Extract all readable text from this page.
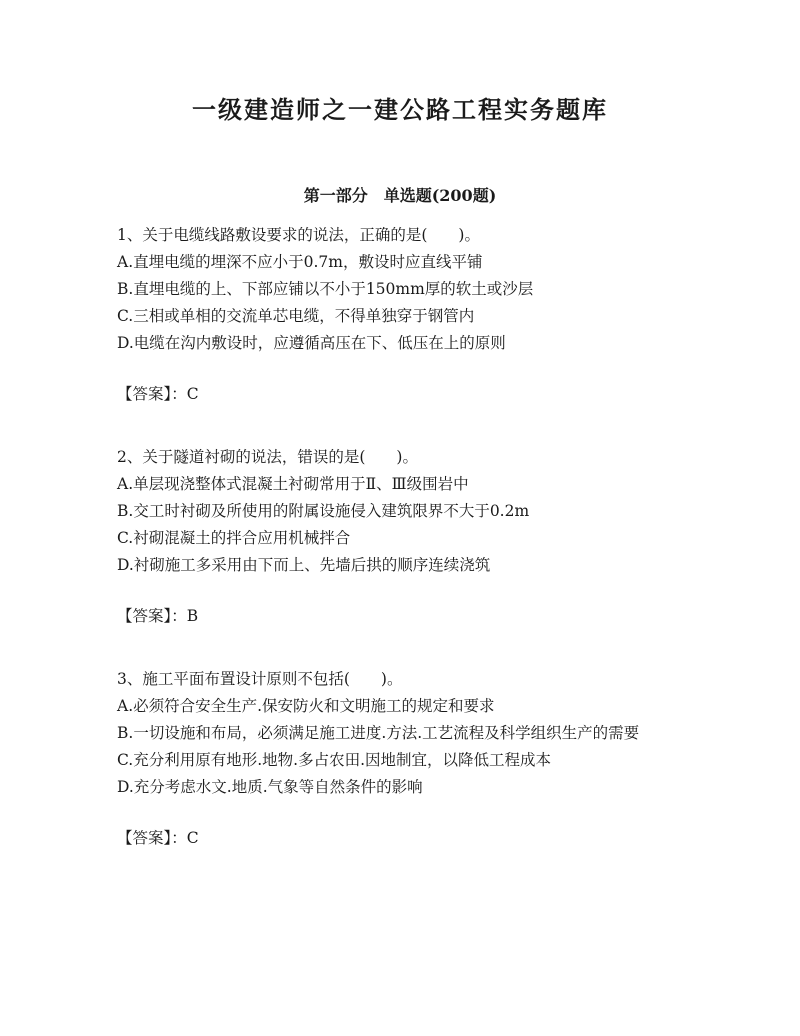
一级建造师之一建公路工程实务题库
第一部分　单选题(200题)
1、关于电缆线路敷设要求的说法，正确的是(　　)。
A.直埋电缆的埋深不应小于0.7m，敷设时应直线平铺
B.直埋电缆的上、下部应铺以不小于150mm厚的软土或沙层
C.三相或单相的交流单芯电缆，不得单独穿于钢管内
D.电缆在沟内敷设时，应遵循高压在下、低压在上的原则
【答案】：C
2、关于隧道衬砌的说法，错误的是(　　)。
A.单层现浇整体式混凝土衬砌常用于Ⅱ、Ⅲ级围岩中
B.交工时衬砌及所使用的附属设施侵入建筑限界不大于0.2m
C.衬砌混凝土的拌合应用机械拌合
D.衬砌施工多采用由下而上、先墙后拱的顺序连续浇筑
【答案】：B
3、施工平面布置设计原则不包括(　　)。
A.必须符合安全生产.保安防火和文明施工的规定和要求
B.一切设施和布局，必须满足施工进度.方法.工艺流程及科学组织生产的需要
C.充分利用原有地形.地物.多占农田.因地制宜，以降低工程成本
D.充分考虑水文.地质.气象等自然条件的影响
【答案】：C
